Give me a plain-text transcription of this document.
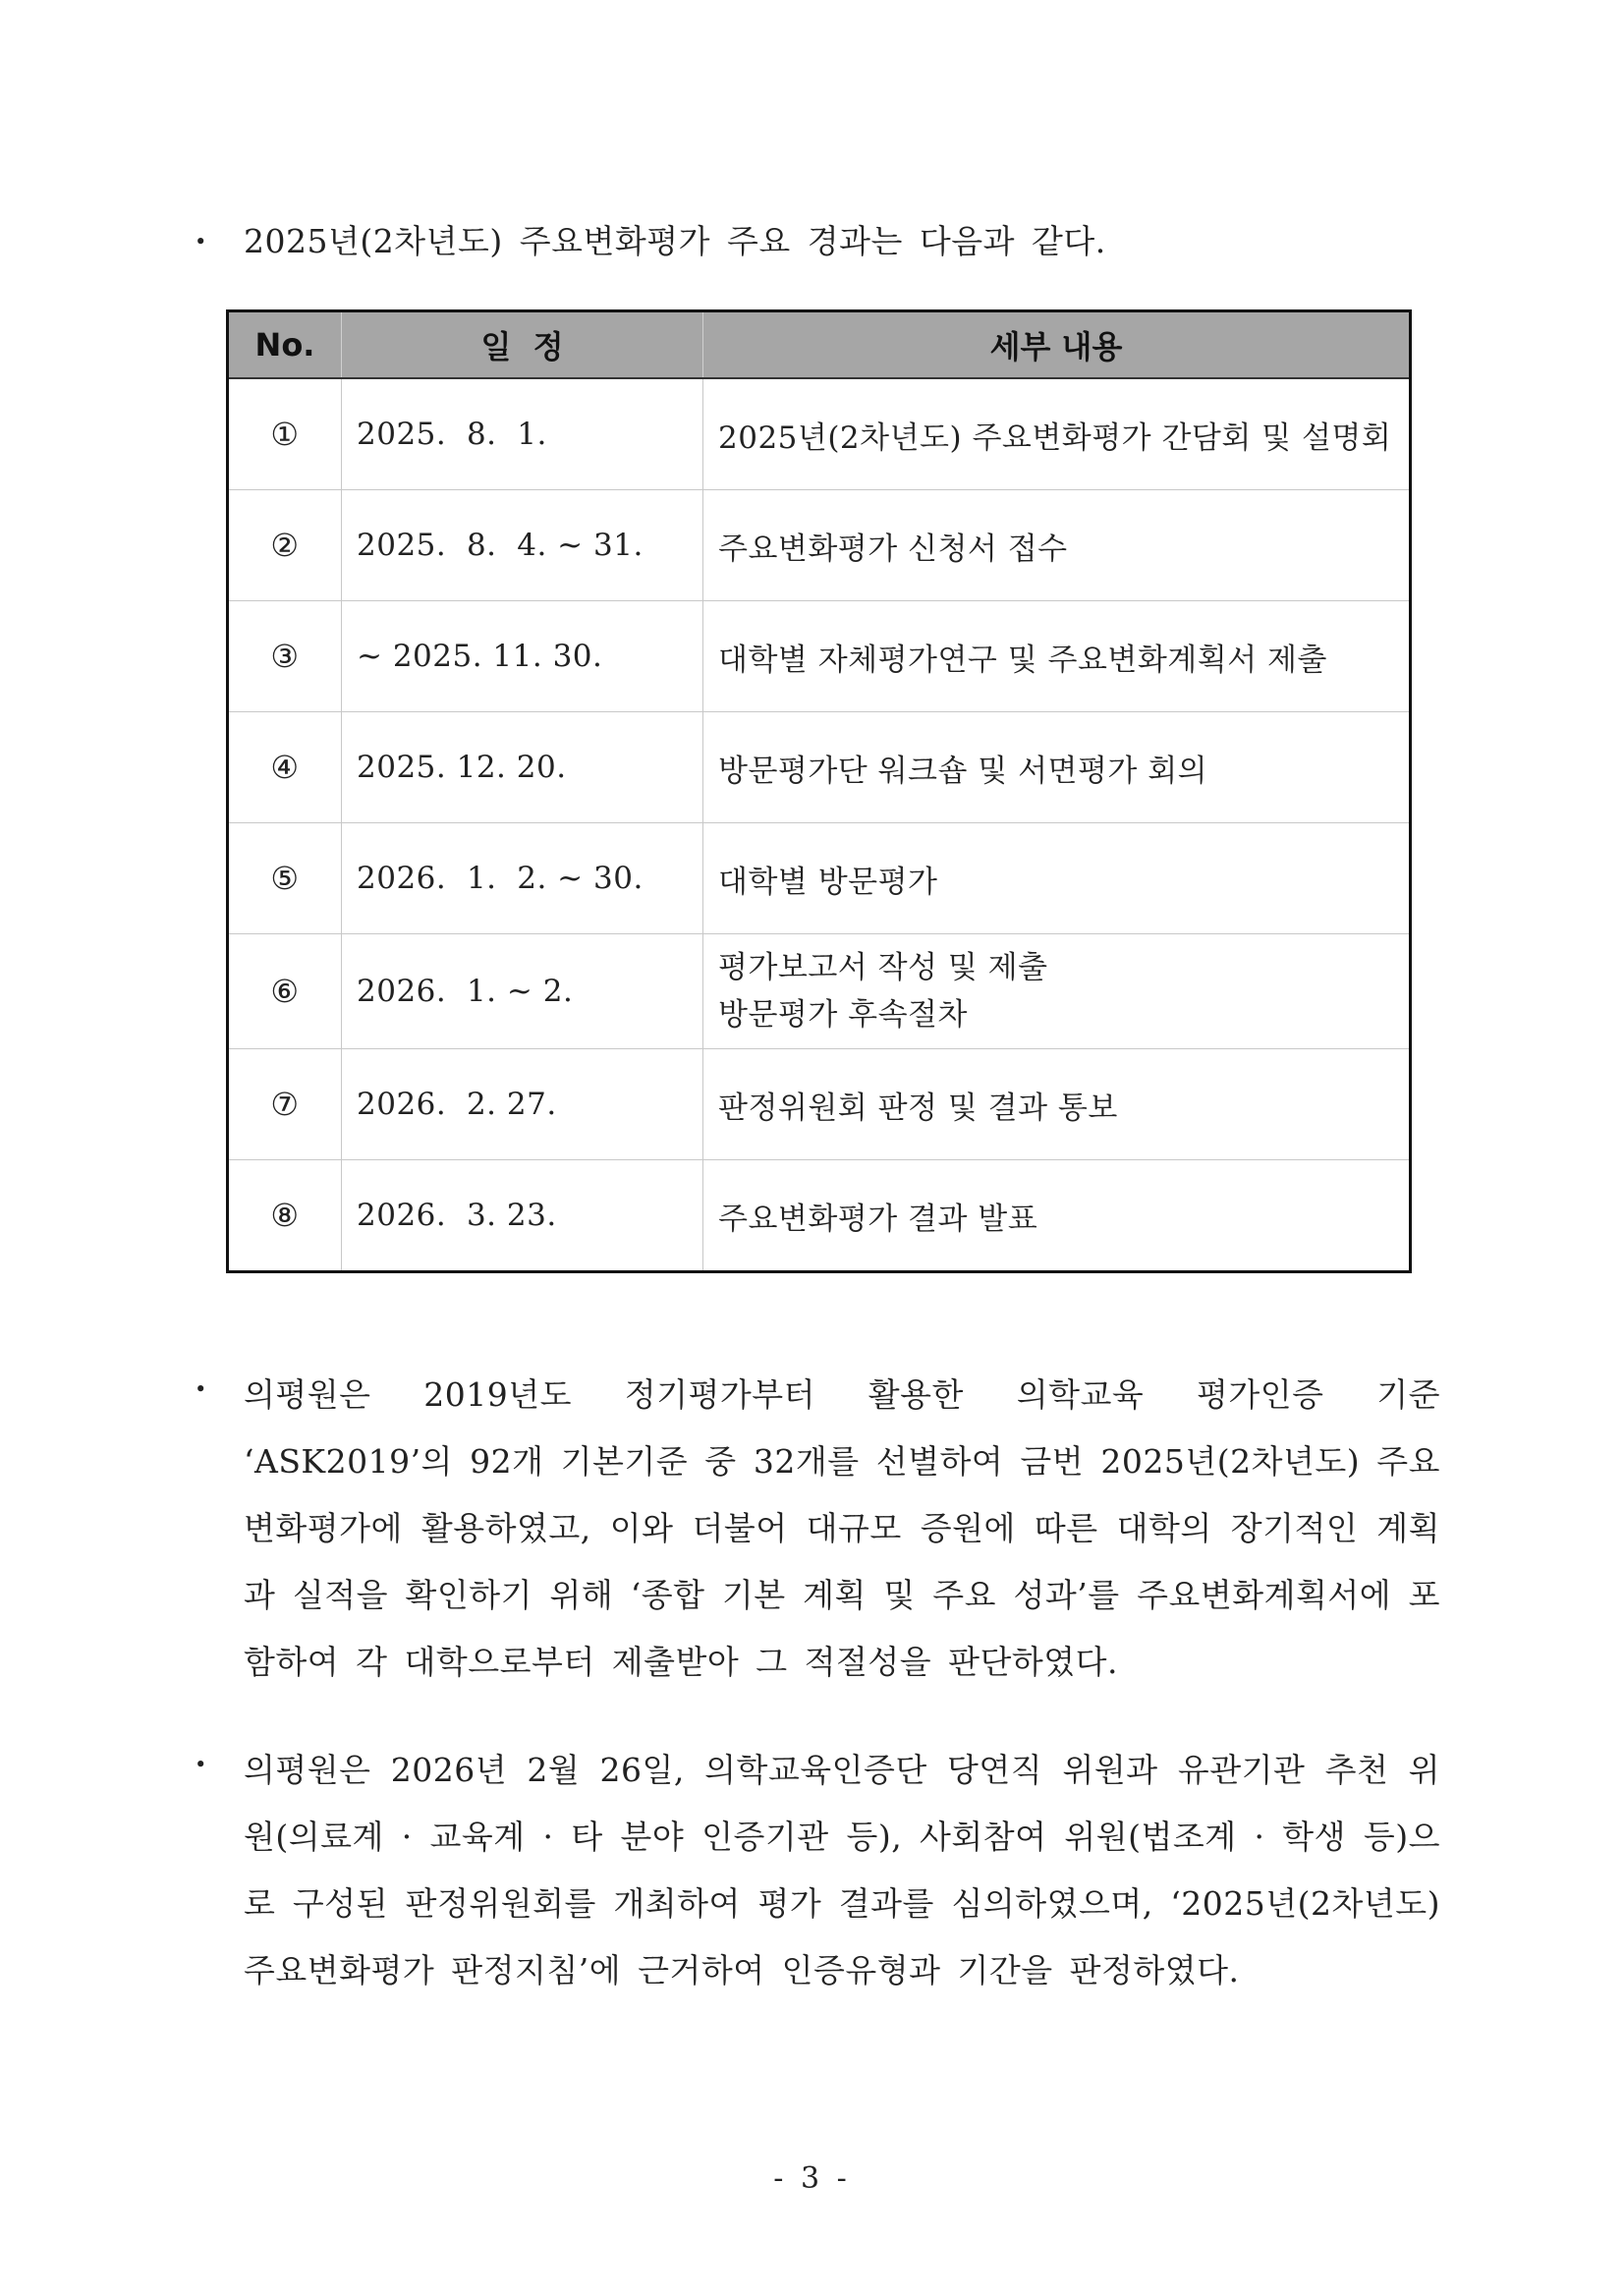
• 2025년(2차년도) 주요변화평가 주요 경과는 다음과 같다.
No.	일  정	세부 내용
①	2025.  8.  1.	2025년(2차년도) 주요변화평가 간담회 및 설명회

②	2025.  8.  4. ~ 31.	주요변화평가 신청서 접수

③	~ 2025. 11. 30.	대학별 자체평가연구 및 주요변화계획서 제출

④	2025. 12. 20.	방문평가단 워크숍 및 서면평가 회의

⑤	2026.  1.  2. ~ 30.	대학별 방문평가

⑥	2026.  1. ~ 2.	평가보고서 작성 및 제출
방문평가 후속절차

⑦	2026.  2. 27.	판정위원회 판정 및 결과 통보

⑧	2026.  3. 23.	주요변화평가 결과 발표
• 의평원은 2019년도 정기평가부터 활용한 의학교육 평가인증 기준 ‘ASK2019’의 92개 기본기준 중 32개를 선별하여 금번 2025년(2차년도) 주요변화평가에 활용하였고, 이와 더불어 대규모 증원에 따른 대학의 장기적인 계획과 실적을 확인하기 위해 ‘종합 기본 계획 및 주요 성과’를 주요변화계획서에 포함하여 각 대학으로부터 제출받아 그 적절성을 판단하였다.
• 의평원은 2026년 2월 26일, 의학교육인증단 당연직 위원과 유관기관 추천 위원(의료계 · 교육계 · 타 분야 인증기관 등), 사회참여 위원(법조계 · 학생 등)으로 구성된 판정위원회를 개최하여 평가 결과를 심의하였으며, ‘2025년(2차년도) 주요변화평가 판정지침’에 근거하여 인증유형과 기간을 판정하였다.
- 3 -
